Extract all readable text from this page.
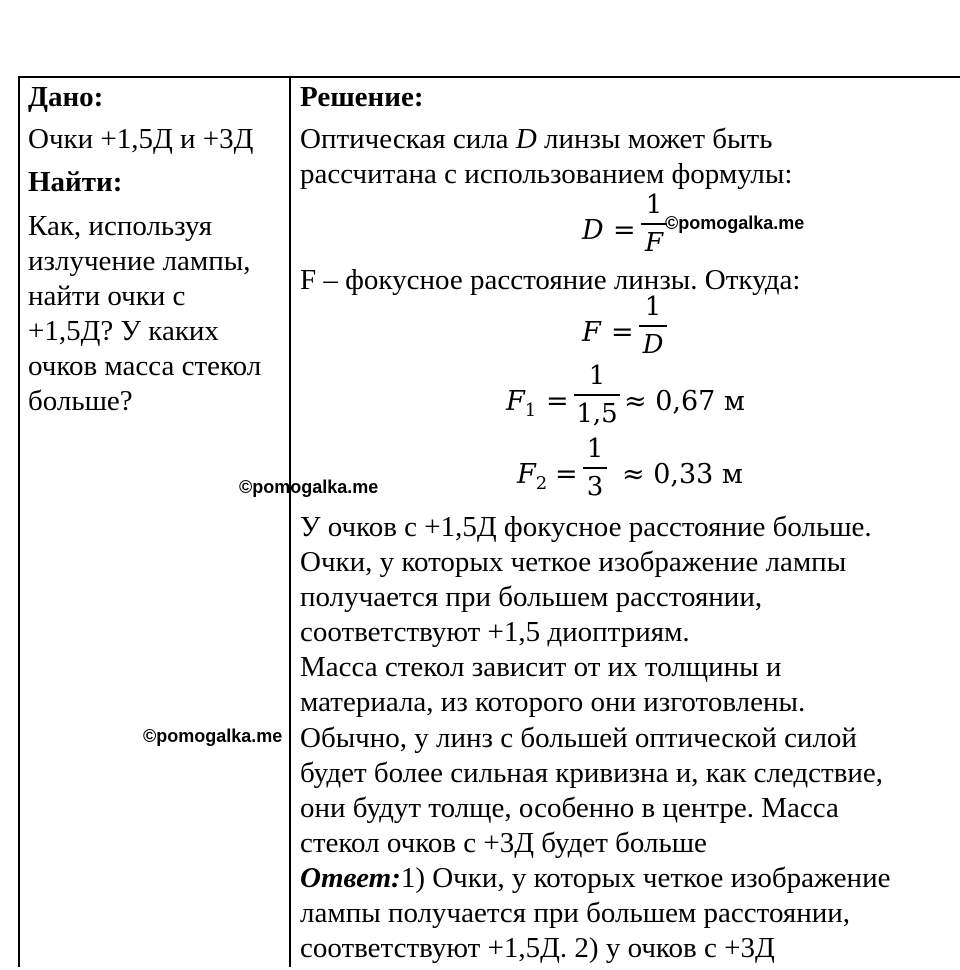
Дано:
Очки +1,5Д и +3Д
Найти:
Как, используя
излучение лампы,
найти очки с
+1,5Д? У каких
очков масса стекол
больше?
Решение:
Оптическая сила D линзы может быть
рассчитана с использованием формулы:
D =
1
F
F – фокусное расстояние линзы. Откуда:
F =
1
D
$F_1$ =
1
1,5 ≈ 0,67 м
$F_2$ =
1
3 ≈ 0,33 м
У очков с +1,5Д фокусное расстояние больше.
Очки, у которых четкое изображение лампы
получается при большем расстоянии,
соответствуют +1,5 диоптриям.
Масса стекол зависит от их толщины и
материала, из которого они изготовлены.
Обычно, у линз с большей оптической силой
будет более сильная кривизна и, как следствие,
они будут толще, особенно в центре. Масса
стекол очков с +3Д будет больше
Ответ:1) Очки, у которых четкое изображение
лампы получается при большем расстоянии,
соответствуют +1,5Д. 2) у очков с +3Д
©pomogalka.me
©pomogalka.me
©pomogalka.me
